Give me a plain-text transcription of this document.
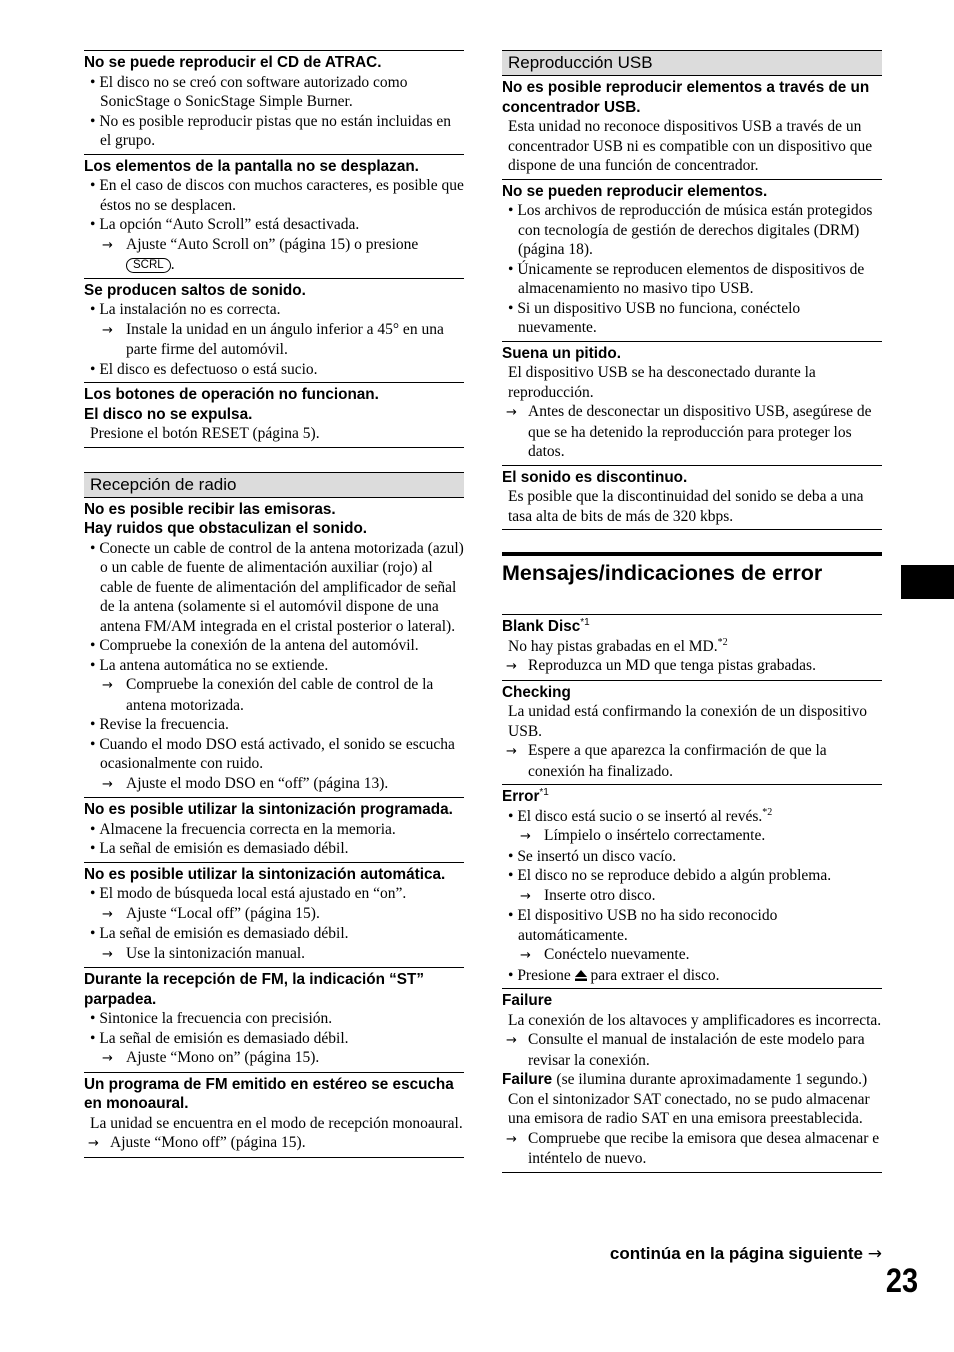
No se puede reproducir el CD de ATRAC.
• El disco no se creó con software autorizado como SonicStage o SonicStage Simple Burner.
• No es posible reproducir pistas que no están incluidas en el grupo.
Los elementos de la pantalla no se desplazan.
• En el caso de discos con muchos caracteres, es posible que éstos no se desplacen.
• La opción “Auto Scroll” está desactivada.
→ Ajuste “Auto Scroll on” (página 15) o presione SCRL .
Se producen saltos de sonido.
• La instalación no es correcta.
→ Instale la unidad en un ángulo inferior a 45° en una parte firme del automóvil.
• El disco es defectuoso o está sucio.
Los botones de operación no funcionan.
El disco no se expulsa.
Presione el botón RESET (página 5).
Recepción de radio
No es posible recibir las emisoras.
Hay ruidos que obstaculizan el sonido.
• Conecte un cable de control de la antena motorizada (azul) o un cable de fuente de alimentación auxiliar (rojo) al cable de fuente de alimentación del amplificador de señal de la antena (solamente si el automóvil dispone de una antena FM/AM integrada en el cristal posterior o lateral).
• Compruebe la conexión de la antena del automóvil.
• La antena automática no se extiende.
→ Compruebe la conexión del cable de control de la antena motorizada.
• Revise la frecuencia.
• Cuando el modo DSO está activado, el sonido se escucha ocasionalmente con ruido.
→ Ajuste el modo DSO en “off” (página 13).
No es posible utilizar la sintonización programada.
• Almacene la frecuencia correcta en la memoria.
• La señal de emisión es demasiado débil.
No es posible utilizar la sintonización automática.
• El modo de búsqueda local está ajustado en “on”.
→ Ajuste “Local off” (página 15).
• La señal de emisión es demasiado débil.
→ Use la sintonización manual.
Durante la recepción de FM, la indicación “ST” parpadea.
• Sintonice la frecuencia con precisión.
• La señal de emisión es demasiado débil.
→ Ajuste “Mono on” (página 15).
Un programa de FM emitido en estéreo se escucha en monoaural.
La unidad se encuentra en el modo de recepción monoaural.
→ Ajuste “Mono off” (página 15).
Reproducción USB
No es posible reproducir elementos a través de un concentrador USB.
Esta unidad no reconoce dispositivos USB a través de un concentrador USB ni es compatible con un dispositivo que dispone de una función de concentrador.
No se pueden reproducir elementos.
• Los archivos de reproducción de música están protegidos con tecnología de gestión de derechos digitales (DRM) (página 18).
• Únicamente se reproducen elementos de dispositivos de almacenamiento no masivo tipo USB.
• Si un dispositivo USB no funciona, conéctelo nuevamente.
Suena un pitido.
El dispositivo USB se ha desconectado durante la reproducción.
→ Antes de desconectar un dispositivo USB, asegúrese de que se ha detenido la reproducción para proteger los datos.
El sonido es discontinuo.
Es posible que la discontinuidad del sonido se deba a una tasa alta de bits de más de 320 kbps.
Mensajes/indicaciones de error
Blank Disc$^{*1}$
No hay pistas grabadas en el MD.$^{*2}$
→ Reproduzca un MD que tenga pistas grabadas.
Checking
La unidad está confirmando la conexión de un dispositivo USB.
→ Espere a que aparezca la confirmación de que la conexión ha finalizado.
Error$^{*1}$
• El disco está sucio o se insertó al revés.$^{*2}$
→ Límpielo o insértelo correctamente.
• Se insertó un disco vacío.
• El disco no se reproduce debido a algún problema.
→ Inserte otro disco.
• El dispositivo USB no ha sido reconocido automáticamente.
→ Conéctelo nuevamente.
• Presione para extraer el disco.
Failure
La conexión de los altavoces y amplificadores es incorrecta.
→ Consulte el manual de instalación de este modelo para revisar la conexión.
Failure (se ilumina durante aproximadamente 1 segundo.)
Con el sintonizador SAT conectado, no se pudo almacenar una emisora de radio SAT en una emisora preestablecida.
→ Compruebe que recibe la emisora que desea almacenar e inténtelo de nuevo.
continúa en la página siguiente →
23
